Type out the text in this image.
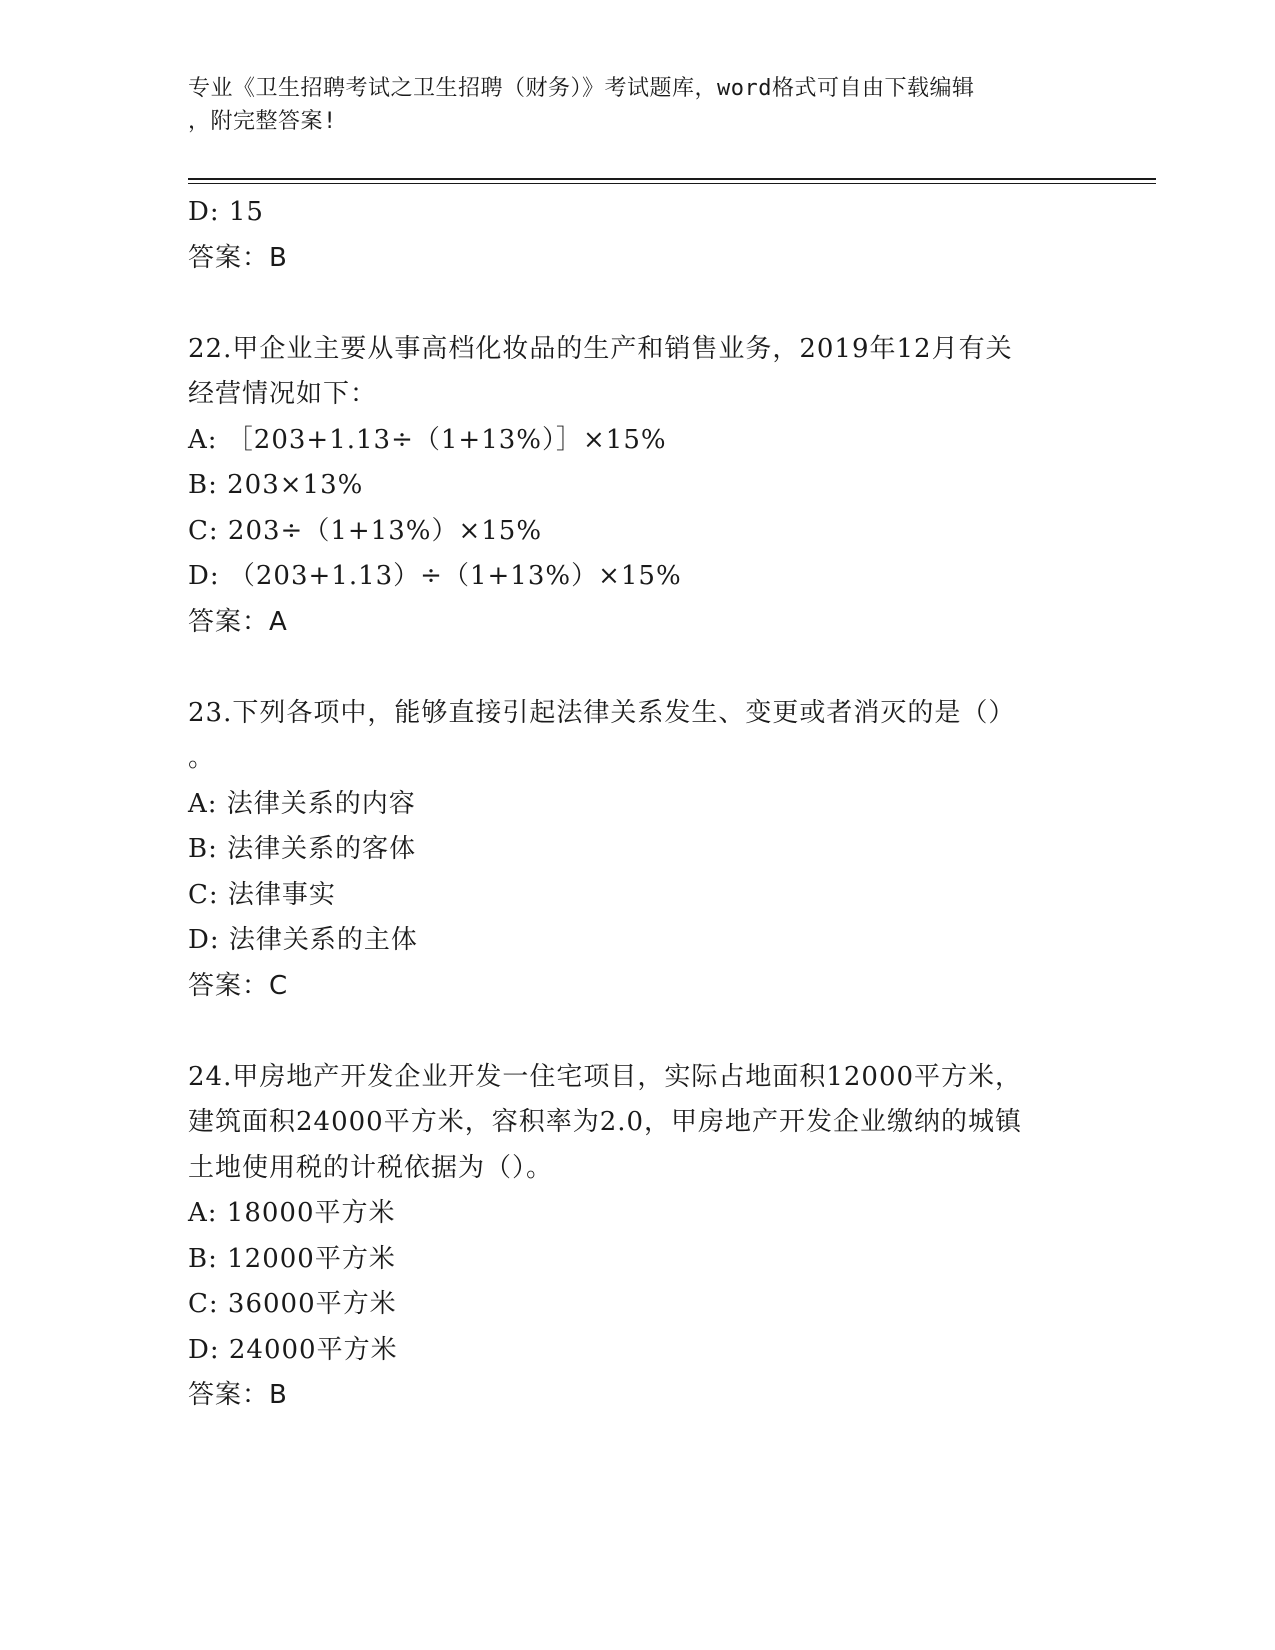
专业《卫生招聘考试之卫生招聘（财务）》考试题库，word格式可自由下载编辑
，附完整答案!
D: 15
答案：B
22.甲企业主要从事高档化妆品的生产和销售业务，2019年12月有关
经营情况如下：
A: ［203+1.13÷（1+13%）］×15%
B: 203×13%
C: 203÷（1+13%）×15%
D: （203+1.13）÷（1+13%）×15%
答案：A
23.下列各项中，能够直接引起法律关系发生、变更或者消灭的是（）
。
A: 法律关系的内容
B: 法律关系的客体
C: 法律事实
D: 法律关系的主体
答案：C
24.甲房地产开发企业开发一住宅项目，实际占地面积12000平方米，
建筑面积24000平方米，容积率为2.0，甲房地产开发企业缴纳的城镇
土地使用税的计税依据为（）。
A: 18000平方米
B: 12000平方米
C: 36000平方米
D: 24000平方米
答案：B
